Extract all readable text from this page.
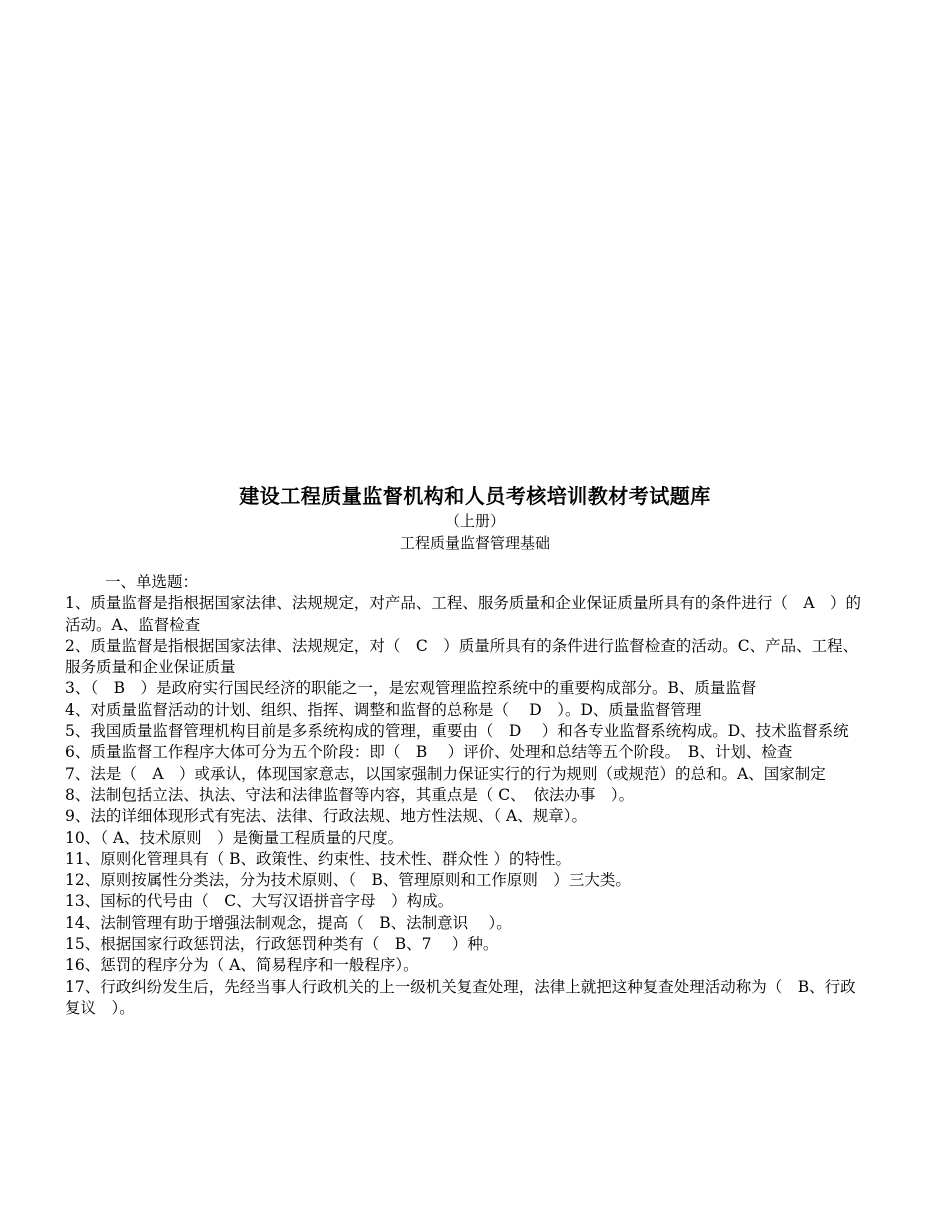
建设工程质量监督机构和人员考核培训教材考试题库
（上册）
工程质量监督管理基础
一、单选题：
1、质量监督是指根据国家法律、法规规定，对产品、工程、服务质量和企业保证质量所具有的条件进行（　A　）的活动。A、监督检查
2、质量监督是指根据国家法律、法规规定，对（　C　）质量所具有的条件进行监督检查的活动。C、产品、工程、服务质量和企业保证质量
3、（　B　）是政府实行国民经济的职能之一，是宏观管理监控系统中的重要构成部分。B、质量监督
4、对质量监督活动的计划、组织、指挥、调整和监督的总称是（　 D　）。D、质量监督管理
5、我国质量监督管理机构目前是多系统构成的管理，重要由（　D　 ）和各专业监督系统构成。D、技术监督系统
6、质量监督工作程序大体可分为五个阶段：即（　B　 ）评价、处理和总结等五个阶段。　B、计划、检查
7、法是（　A　）或承认，体现国家意志，以国家强制力保证实行的行为规则（或规范）的总和。A、国家制定
8、法制包括立法、执法、守法和法律监督等内容，其重点是（ C、　依法办事　）。
9、法的详细体现形式有宪法、法律、行政法规、地方性法规、（ A、规章）。
10、（ A、技术原则　）是衡量工程质量的尺度。
11、原则化管理具有（ B、政策性、约束性、技术性、群众性 ）的特性。
12、原则按属性分类法，分为技术原则、（　B、管理原则和工作原则　）三大类。
13、国标的代号由（　C、大写汉语拼音字母　）构成。
14、法制管理有助于增强法制观念，提高（　B、法制意识　 ）。
15、根据国家行政惩罚法，行政惩罚种类有（　B、7　 ）种。
16、惩罚的程序分为（ A、简易程序和一般程序）。
17、行政纠纷发生后，先经当事人行政机关的上一级机关复查处理，法律上就把这种复查处理活动称为（　B、行政复议　）。
